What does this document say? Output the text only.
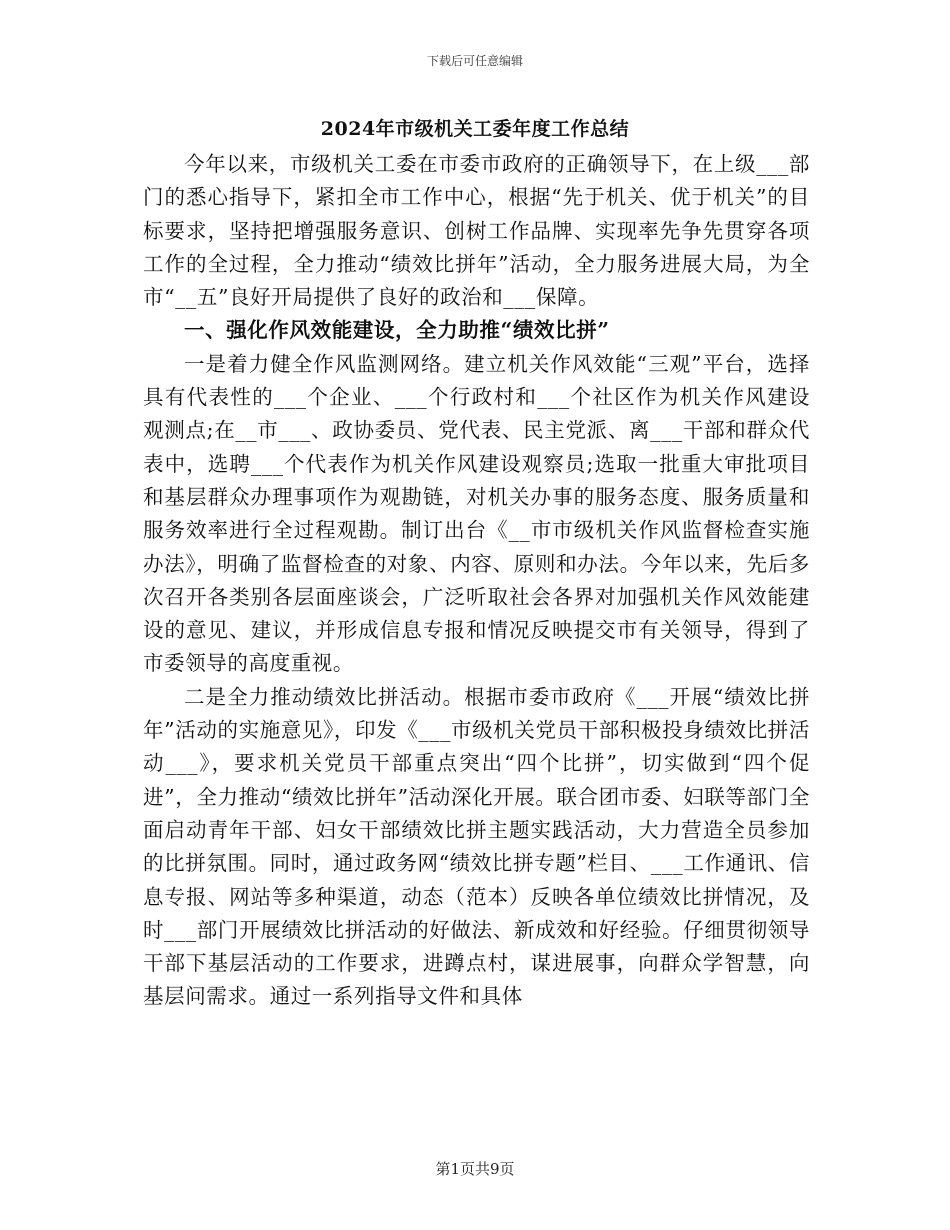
下载后可任意编辑
2024年市级机关工委年度工作总结

今年以来，市级机关工委在市委市政府的正确领导下，在上级___部门的悉心指导下，紧扣全市工作中心，根据“先于机关、优于机关”的目标要求，坚持把增强服务意识、创树工作品牌、实现率先争先贯穿各项工作的全过程，全力推动“绩效比拼年”活动，全力服务进展大局，为全市“__五”良好开局提供了良好的政治和___保障。

一、强化作风效能建设，全力助推“绩效比拼”

一是着力健全作风监测网络。建立机关作风效能“三观”平台，选择具有代表性的___个企业、___个行政村和___个社区作为机关作风建设观测点;在__市___、政协委员、党代表、民主党派、离___干部和群众代表中，选聘___个代表作为机关作风建设观察员;选取一批重大审批项目和基层群众办理事项作为观勘链，对机关办事的服务态度、服务质量和服务效率进行全过程观勘。制订出台《__市市级机关作风监督检查实施办法》，明确了监督检查的对象、内容、原则和办法。今年以来，先后多次召开各类别各层面座谈会，广泛听取社会各界对加强机关作风效能建设的意见、建议，并形成信息专报和情况反映提交市有关领导，得到了市委领导的高度重视。

二是全力推动绩效比拼活动。根据市委市政府《___开展“绩效比拼年”活动的实施意见》，印发《___市级机关党员干部积极投身绩效比拼活动___》，要求机关党员干部重点突出“四个比拼”，切实做到“四个促进”，全力推动“绩效比拼年”活动深化开展。联合团市委、妇联等部门全面启动青年干部、妇女干部绩效比拼主题实践活动，大力营造全员参加的比拼氛围。同时，通过政务网“绩效比拼专题”栏目、___工作通讯、信息专报、网站等多种渠道，动态（范本）反映各单位绩效比拼情况，及时___部门开展绩效比拼活动的好做法、新成效和好经验。仔细贯彻领导干部下基层活动的工作要求，进蹲点村，谋进展事，向群众学智慧，向基层问需求。通过一系列指导文件和具体

第1页共9页
